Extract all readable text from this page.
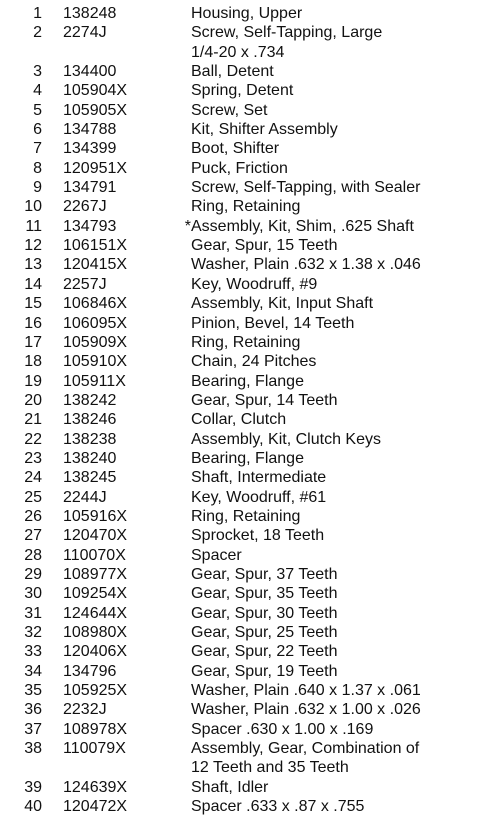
1 138248	Housing, Upper
2 2274J	Screw, Self-Tapping, Large
1/4-20 x .734
3 134400	Ball, Detent
4 105904X	Spring, Detent
5 105905X	Screw, Set
6 134788	Kit, Shifter Assembly
7 134399	Boot, Shifter
8 120951X	Puck, Friction
9 134791	Screw, Self-Tapping, with Sealer
10 2267J	Ring, Retaining
11 134793	* Assembly, Kit, Shim, .625 Shaft
12 106151X	Gear, Spur, 15 Teeth
13 120415X	Washer, Plain .632 x 1.38 x .046
14 2257J	Key, Woodruff, #9
15 106846X	Assembly, Kit, Input Shaft
16 106095X	Pinion, Bevel, 14 Teeth
17 105909X	Ring, Retaining
18 105910X	Chain, 24 Pitches
19 105911X	Bearing, Flange
20 138242	Gear, Spur, 14 Teeth
21 138246	Collar, Clutch
22 138238	Assembly, Kit, Clutch Keys
23 138240	Bearing, Flange
24 138245	Shaft, Intermediate
25 2244J	Key, Woodruff, #61
26 105916X	Ring, Retaining
27 120470X	Sprocket, 18 Teeth
28 110070X	Spacer
29 108977X	Gear, Spur, 37 Teeth
30 109254X	Gear, Spur, 35 Teeth
31 124644X	Gear, Spur, 30 Teeth
32 108980X	Gear, Spur, 25 Teeth
33 120406X	Gear, Spur, 22 Teeth
34 134796	Gear, Spur, 19 Teeth
35 105925X	Washer, Plain .640 x 1.37 x .061
36 2232J	Washer, Plain .632 x 1.00 x .026
37 108978X	Spacer .630 x 1.00 x .169
38 110079X	Assembly, Gear, Combination of
12 Teeth and 35 Teeth
39 124639X	Shaft, Idler
40 120472X	Spacer .633 x .87 x .755
